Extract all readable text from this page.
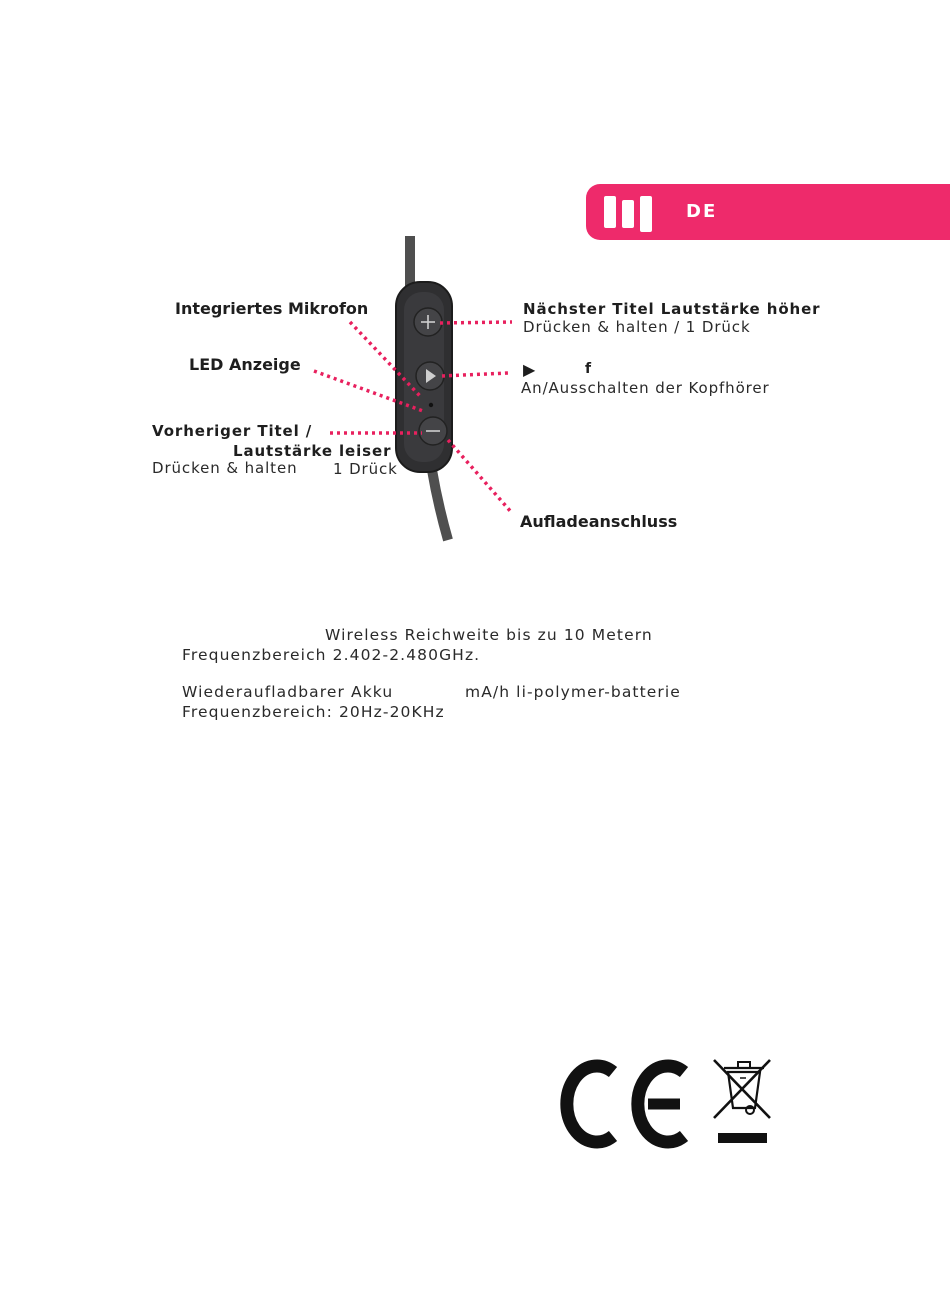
DE
Integriertes Mikrofon
LED Anzeige
Vorheriger Titel /
Lautstärke leiser
Drücken & halten 1 Drück
Nächster Titel Lautstärke höher
Drücken & halten / 1 Drück
▶	f
An/Ausschalten der Kopfhörer
Aufladeanschluss
Wireless Reichweite bis zu 10 Metern
Frequenzbereich 2.402-2.480GHz.
Wiederaufladbarer Akku	mA/h li-polymer-batterie
Frequenzbereich: 20Hz-20KHz
